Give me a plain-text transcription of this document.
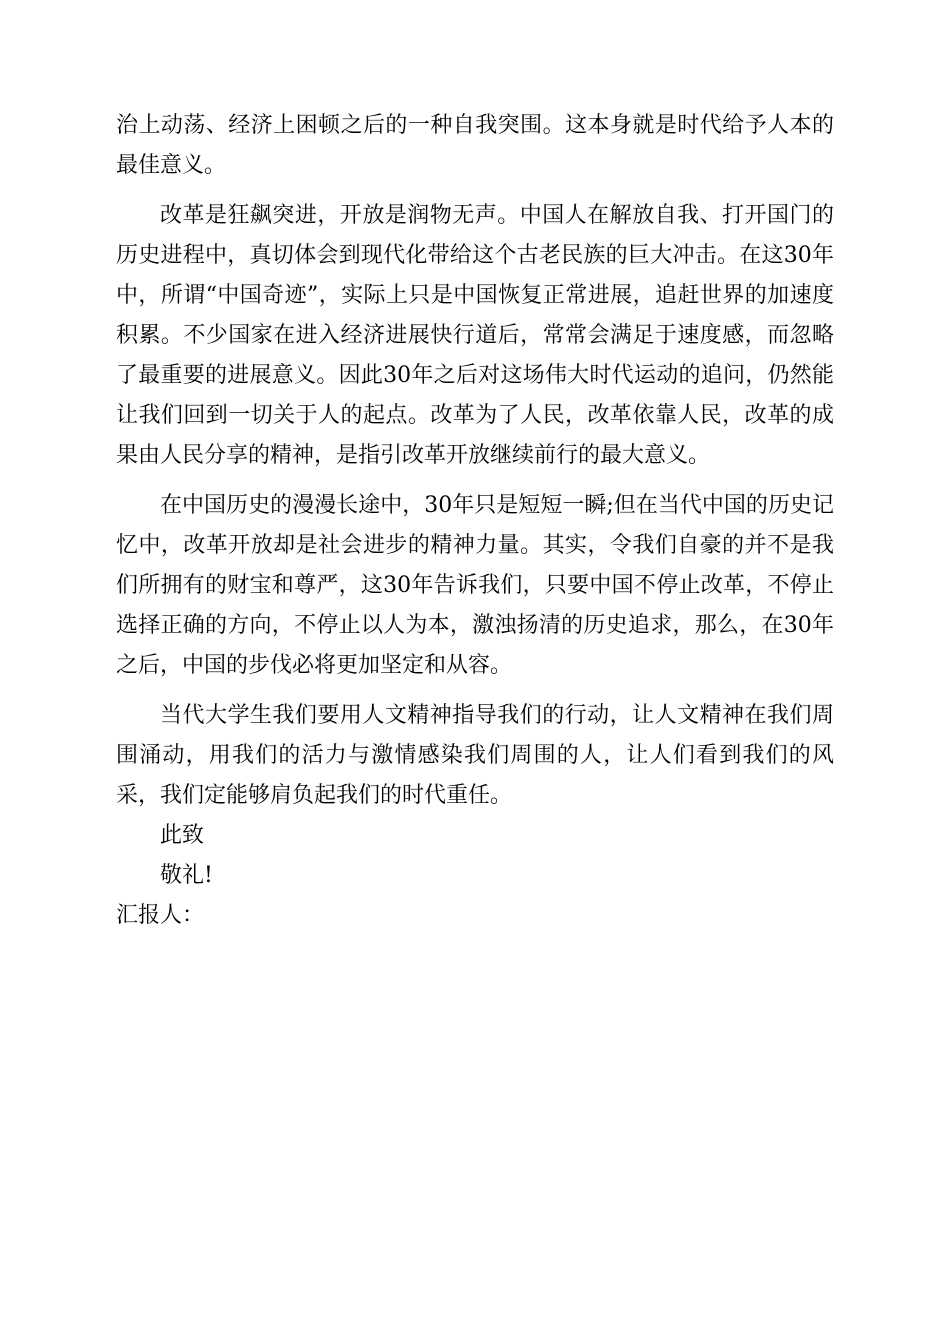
治上动荡、经济上困顿之后的一种自我突围。这本身就是时代给予人本的最佳意义。

改革是狂飙突进，开放是润物无声。中国人在解放自我、打开国门的历史进程中，真切体会到现代化带给这个古老民族的巨大冲击。在这30年中，所谓“中国奇迹”，实际上只是中国恢复正常进展，追赶世界的加速度积累。不少国家在进入经济进展快行道后，常常会满足于速度感，而忽略了最重要的进展意义。因此30年之后对这场伟大时代运动的追问，仍然能让我们回到一切关于人的起点。改革为了人民，改革依靠人民，改革的成果由人民分享的精神，是指引改革开放继续前行的最大意义。

在中国历史的漫漫长途中，30年只是短短一瞬;但在当代中国的历史记忆中，改革开放却是社会进步的精神力量。其实，令我们自豪的并不是我们所拥有的财宝和尊严，这30年告诉我们，只要中国不停止改革，不停止选择正确的方向，不停止以人为本，激浊扬清的历史追求，那么，在30年之后，中国的步伐必将更加坚定和从容。

当代大学生我们要用人文精神指导我们的行动，让人文精神在我们周围涌动，用我们的活力与激情感染我们周围的人，让人们看到我们的风采，我们定能够肩负起我们的时代重任。

此致

敬礼!

汇报人：
